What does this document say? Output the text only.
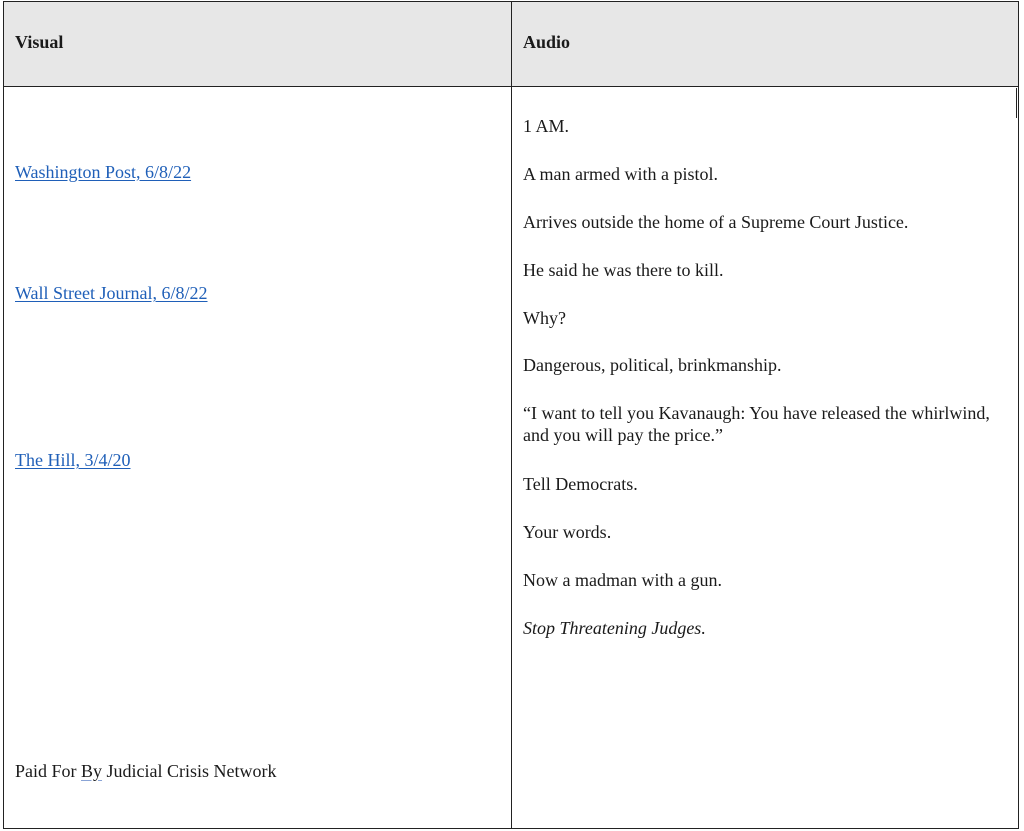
Visual	Audio
Washington Post, 6/8/22
Wall Street Journal, 6/8/22
The Hill, 3/4/20
Paid For By Judicial Crisis Network
1 AM.
A man armed with a pistol.
Arrives outside the home of a Supreme Court Justice.
He said he was there to kill.
Why?
Dangerous, political, brinkmanship.
“I want to tell you Kavanaugh: You have released the whirlwind, and you will pay the price.”
Tell Democrats.
Your words.
Now a madman with a gun.
Stop Threatening Judges.
